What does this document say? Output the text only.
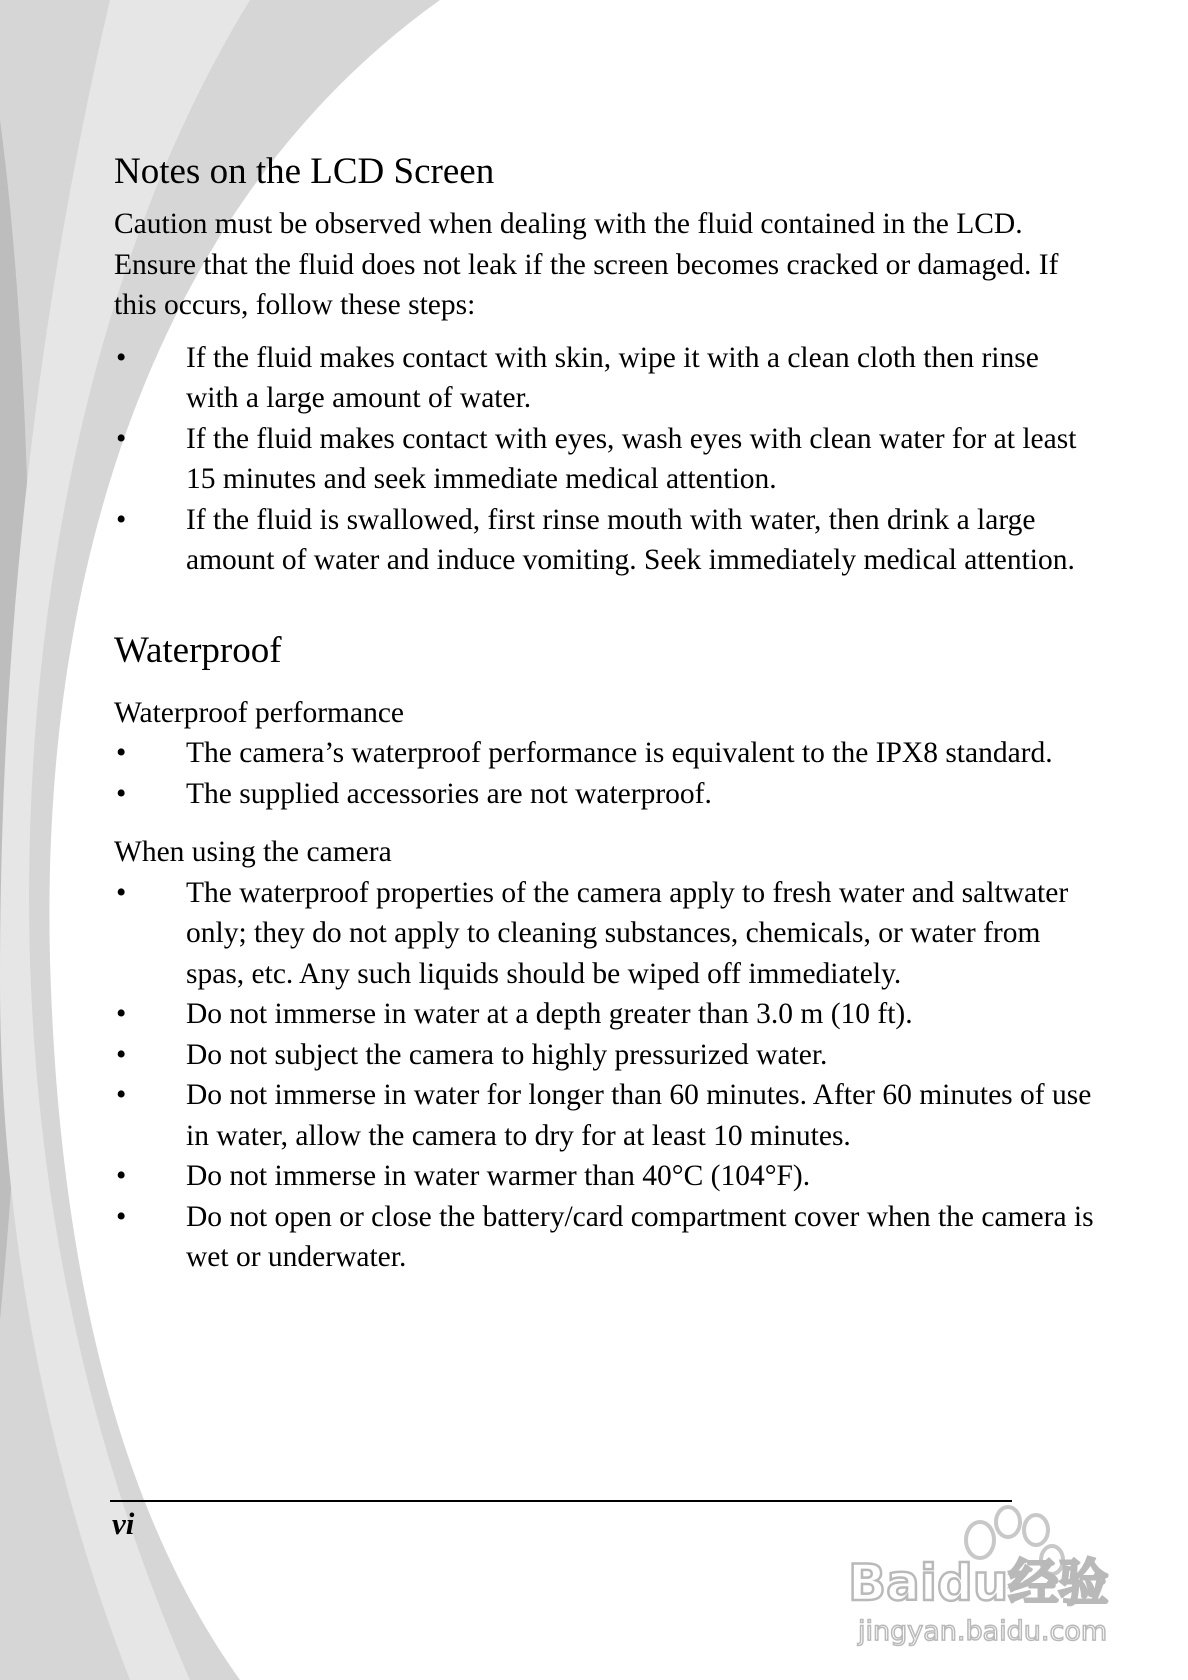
Notes on the LCD Screen

Caution must be observed when dealing with the fluid contained in the LCD. Ensure that the fluid does not leak if the screen becomes cracked or damaged. If this occurs, follow these steps:

• If the fluid makes contact with skin, wipe it with a clean cloth then rinse with a large amount of water.
• If the fluid makes contact with eyes, wash eyes with clean water for at least 15 minutes and seek immediate medical attention.
• If the fluid is swallowed, first rinse mouth with water, then drink a large amount of water and induce vomiting. Seek immediately medical attention.
Waterproof

Waterproof performance

• The camera’s waterproof performance is equivalent to the IPX8 standard.
• The supplied accessories are not waterproof.

When using the camera

• The waterproof properties of the camera apply to fresh water and saltwater only; they do not apply to cleaning substances, chemicals, or water from spas, etc. Any such liquids should be wiped off immediately.
• Do not immerse in water at a depth greater than 3.0 m (10 ft).
• Do not subject the camera to highly pressurized water.
• Do not immerse in water for longer than 60 minutes. After 60 minutes of use in water, allow the camera to dry for at least 10 minutes.
• Do not immerse in water warmer than 40°C (104°F).
• Do not open or close the battery/card compartment cover when the camera is wet or underwater.
vi
Baidu经验
jingyan.baidu.com
